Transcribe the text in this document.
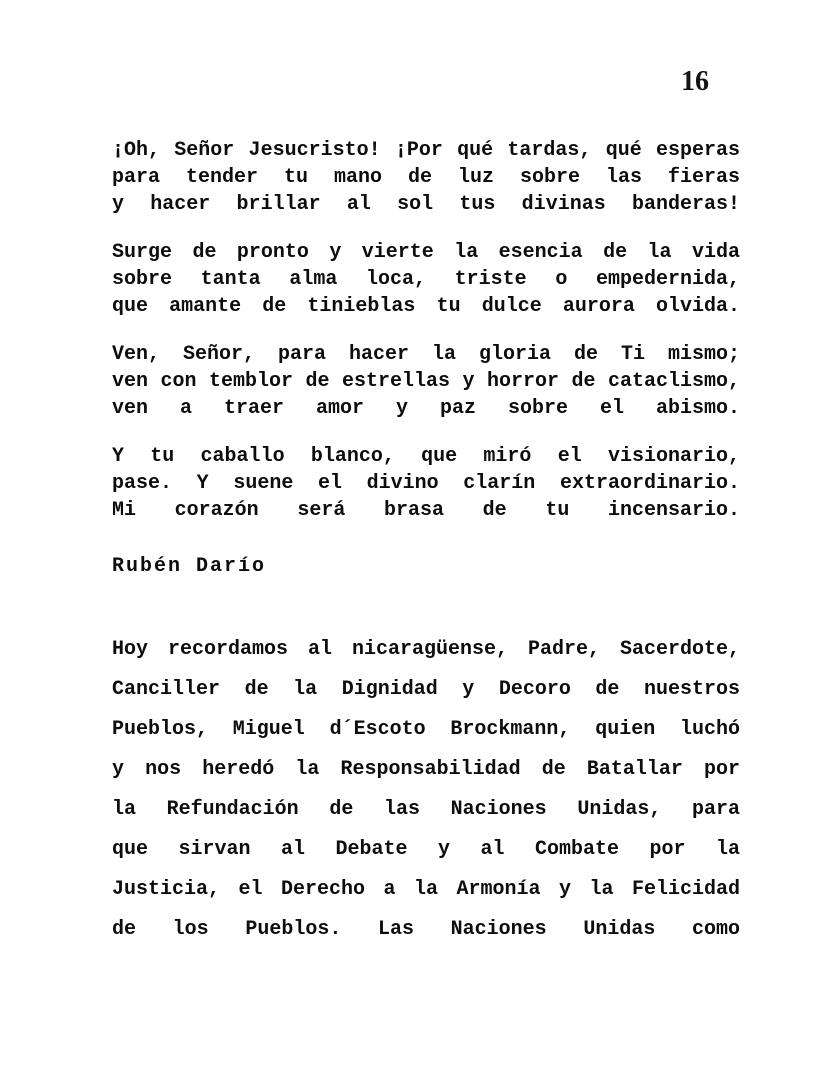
16
¡Oh, Señor Jesucristo! ¡Por qué tardas, qué esperas
para tender tu mano de luz sobre las fieras
y hacer brillar al sol tus divinas banderas!
Surge de pronto y vierte la esencia de la vida
sobre tanta alma loca, triste o empedernida,
que amante de tinieblas tu dulce aurora olvida.
Ven, Señor, para hacer la gloria de Ti mismo;
ven con temblor de estrellas y horror de cataclismo,
ven a traer amor y paz sobre el abismo.
Y tu caballo blanco, que miró el visionario,
pase. Y suene el divino clarín extraordinario.
Mi corazón será brasa de tu incensario.
Rubén Darío
Hoy recordamos al nicaragüense, Padre, Sacerdote,
Canciller de la Dignidad y Decoro de nuestros
Pueblos, Miguel d´Escoto Brockmann, quien luchó
y nos heredó la Responsabilidad de Batallar por
la Refundación de las Naciones Unidas, para
que sirvan al Debate y al Combate por la
Justicia, el Derecho a la Armonía y la Felicidad
de los Pueblos. Las Naciones Unidas como
